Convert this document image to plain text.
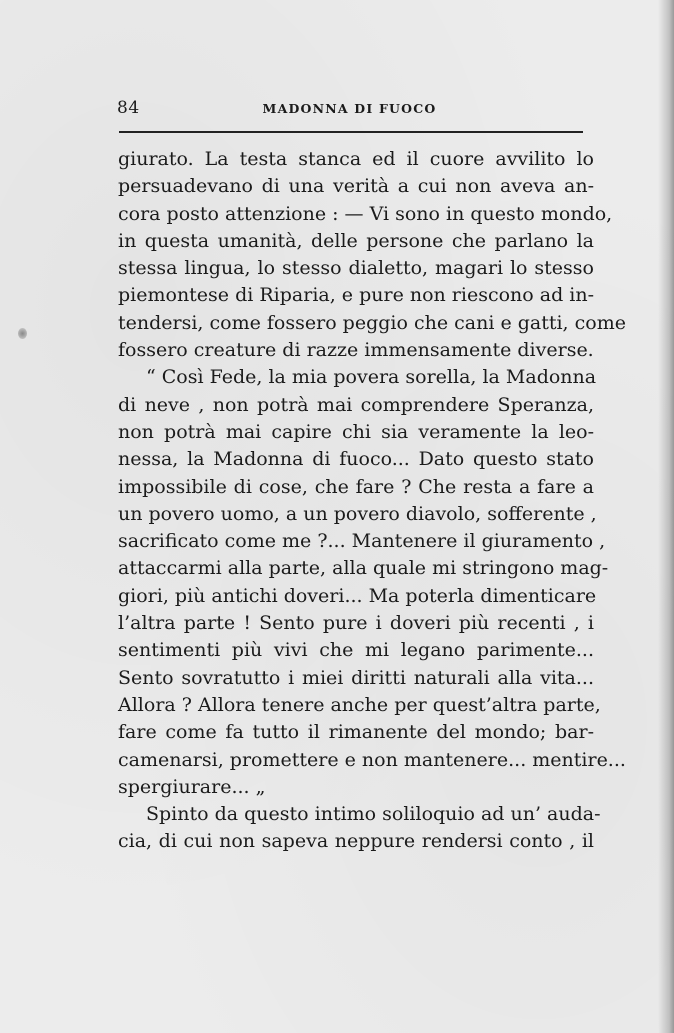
84	MADONNA DI FUOCO
giurato. La testa stanca ed il cuore avvilito lo
persuadevano di una verità a cui non aveva an-
cora posto attenzione : — Vi sono in questo mondo,
in questa umanità, delle persone che parlano la
stessa lingua, lo stesso dialetto, magari lo stesso
piemontese di Riparia, e pure non riescono ad in-
tendersi, come fossero peggio che cani e gatti, come
fossero creature di razze immensamente diverse.
“ Così Fede, la mia povera sorella, la Madonna
di neve , non potrà mai comprendere Speranza,
non potrà mai capire chi sia veramente la leo-
nessa, la Madonna di fuoco... Dato questo stato
impossibile di cose, che fare ? Che resta a fare a
un povero uomo, a un povero diavolo, sofferente ,
sacrificato come me ?... Mantenere il giuramento ,
attaccarmi alla parte, alla quale mi stringono mag-
giori, più antichi doveri... Ma poterla dimenticare
l’altra parte ! Sento pure i doveri più recenti , i
sentimenti più vivi che mi legano parimente...
Sento sovratutto i miei diritti naturali alla vita...
Allora ? Allora tenere anche per quest’altra parte,
fare come fa tutto il rimanente del mondo; bar-
camenarsi, promettere e non mantenere... mentire...
spergiurare... „
Spinto da questo intimo soliloquio ad un’ auda-
cia, di cui non sapeva neppure rendersi conto , il
